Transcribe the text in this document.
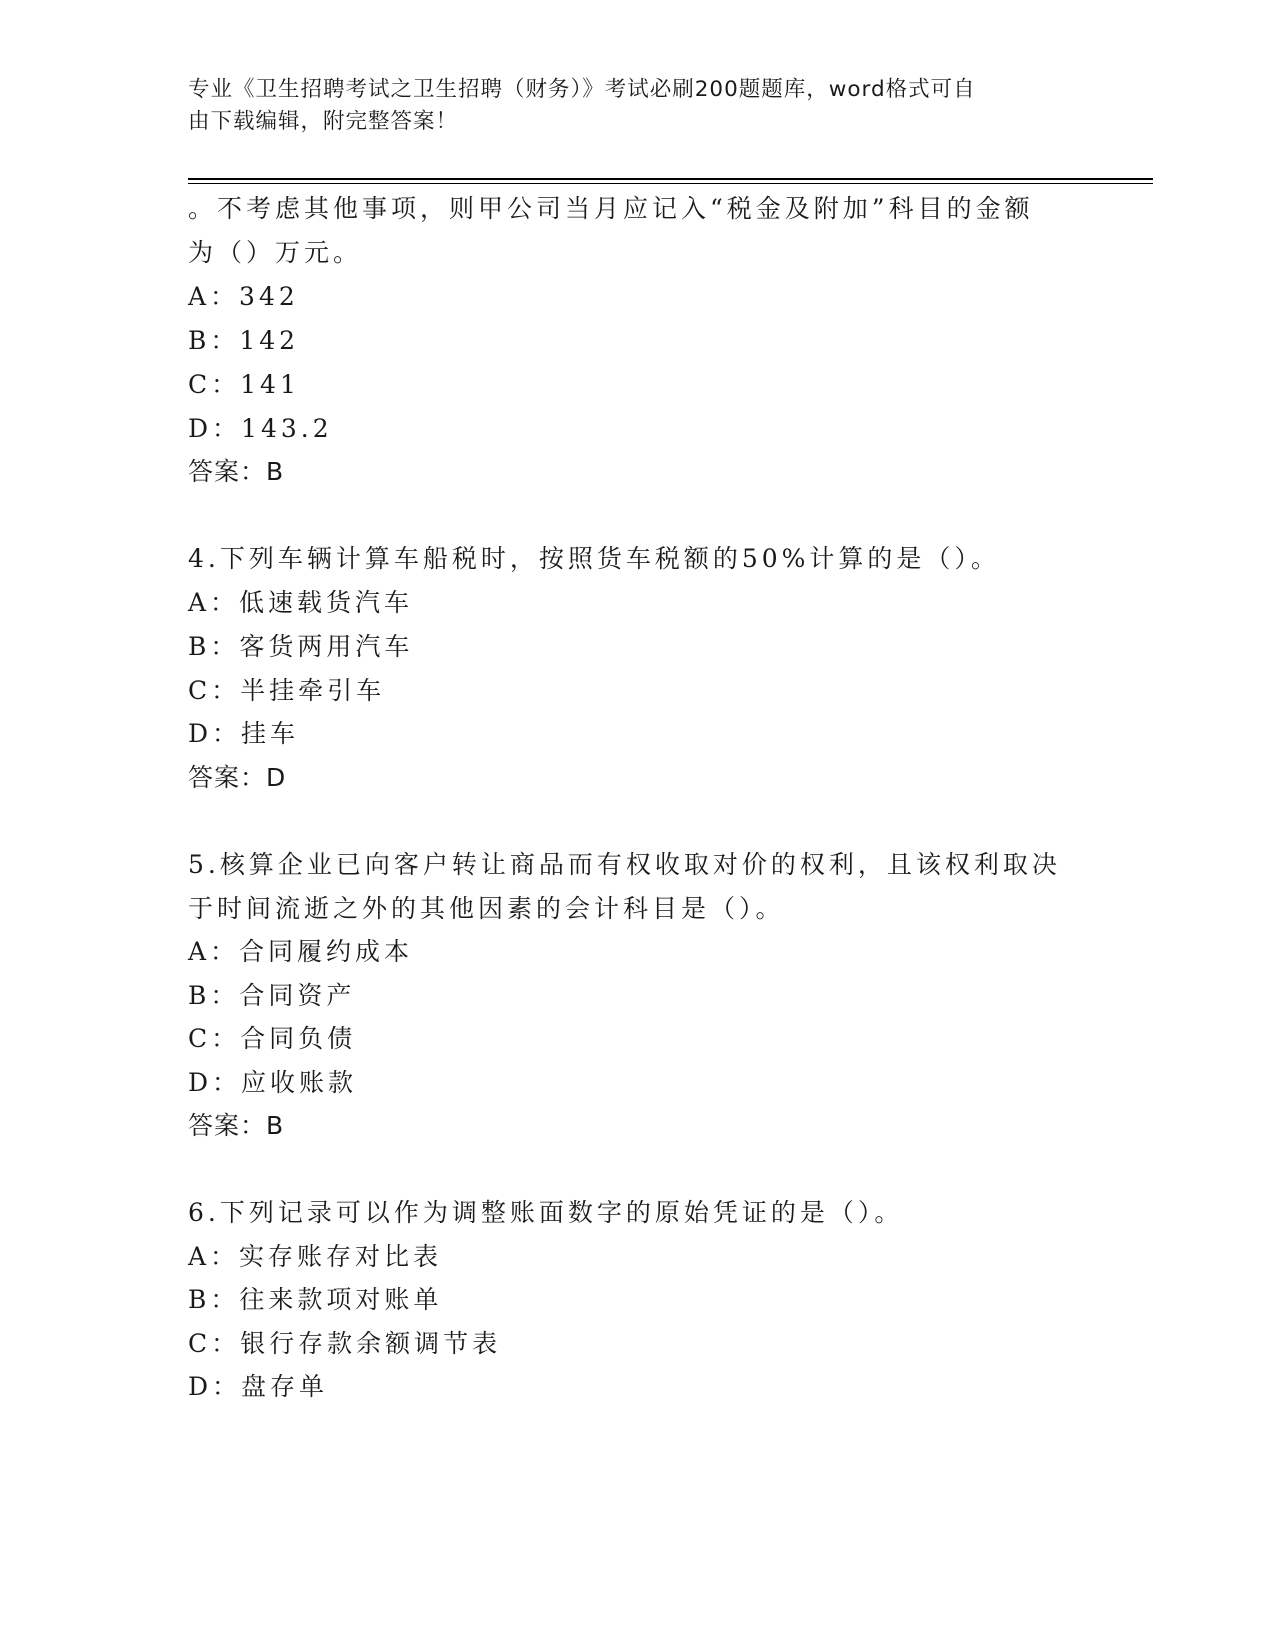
专业《卫生招聘考试之卫生招聘（财务）》考试必刷200题题库，word格式可自
由下载编辑，附完整答案！
。不考虑其他事项，则甲公司当月应记入“税金及附加”科目的金额
为（）万元。
A：342
B：142
C：141
D：143.2
答案：B
4.下列车辆计算车船税时，按照货车税额的50%计算的是（）。
A：低速载货汽车
B：客货两用汽车
C：半挂牵引车
D：挂车
答案：D
5.核算企业已向客户转让商品而有权收取对价的权利，且该权利取决
于时间流逝之外的其他因素的会计科目是（）。
A：合同履约成本
B：合同资产
C：合同负债
D：应收账款
答案：B
6.下列记录可以作为调整账面数字的原始凭证的是（）。
A：实存账存对比表
B：往来款项对账单
C：银行存款余额调节表
D：盘存单
